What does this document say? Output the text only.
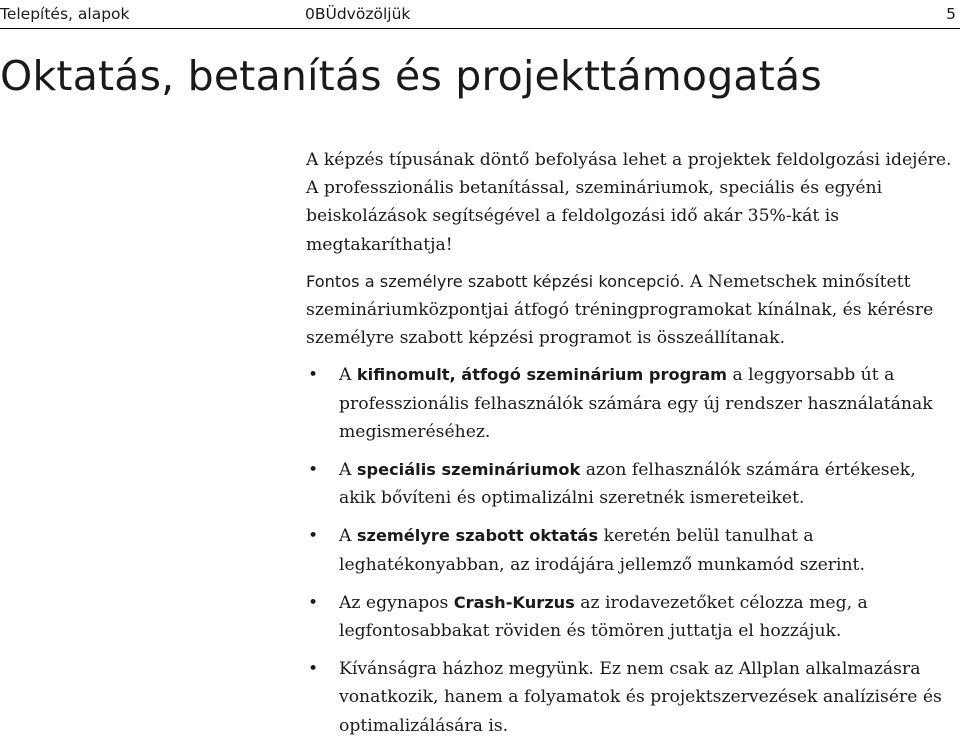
Telepítés, alapok	0BÜdvözöljük	5
Oktatás, betanítás és projekttámogatás

A képzés típusának döntő befolyása lehet a projektek feldolgozási idejére. A professzionális betanítással, szemináriumok, speciális és egyéni beiskolázások segítségével a feldolgozási idő akár 35%-kát is megtakaríthatja!

Fontos a személyre szabott képzési koncepció. A Nemetschek minősített szemináriumközpontjai átfogó tréningprogramokat kínálnak, és kérésre személyre szabott képzési programot is összeállítanak.

• A kifinomult, átfogó szeminárium program a leggyorsabb út a professzionális felhasználók számára egy új rendszer használatának megismeréséhez.
• A speciális szemináriumok azon felhasználók számára értékesek, akik bővíteni és optimalizálni szeretnék ismereteiket.
• A személyre szabott oktatás keretén belül tanulhat a leghatékonyabban, az irodájára jellemző munkamód szerint.
• Az egynapos Crash-Kurzus az irodavezetőket célozza meg, a legfontosabbakat röviden és tömören juttatja el hozzájuk.
• Kívánságra házhoz megyünk. Ez nem csak az Allplan alkalmazásra vonatkozik, hanem a folyamatok és projektszervezések analízisére és optimalizálására is.
